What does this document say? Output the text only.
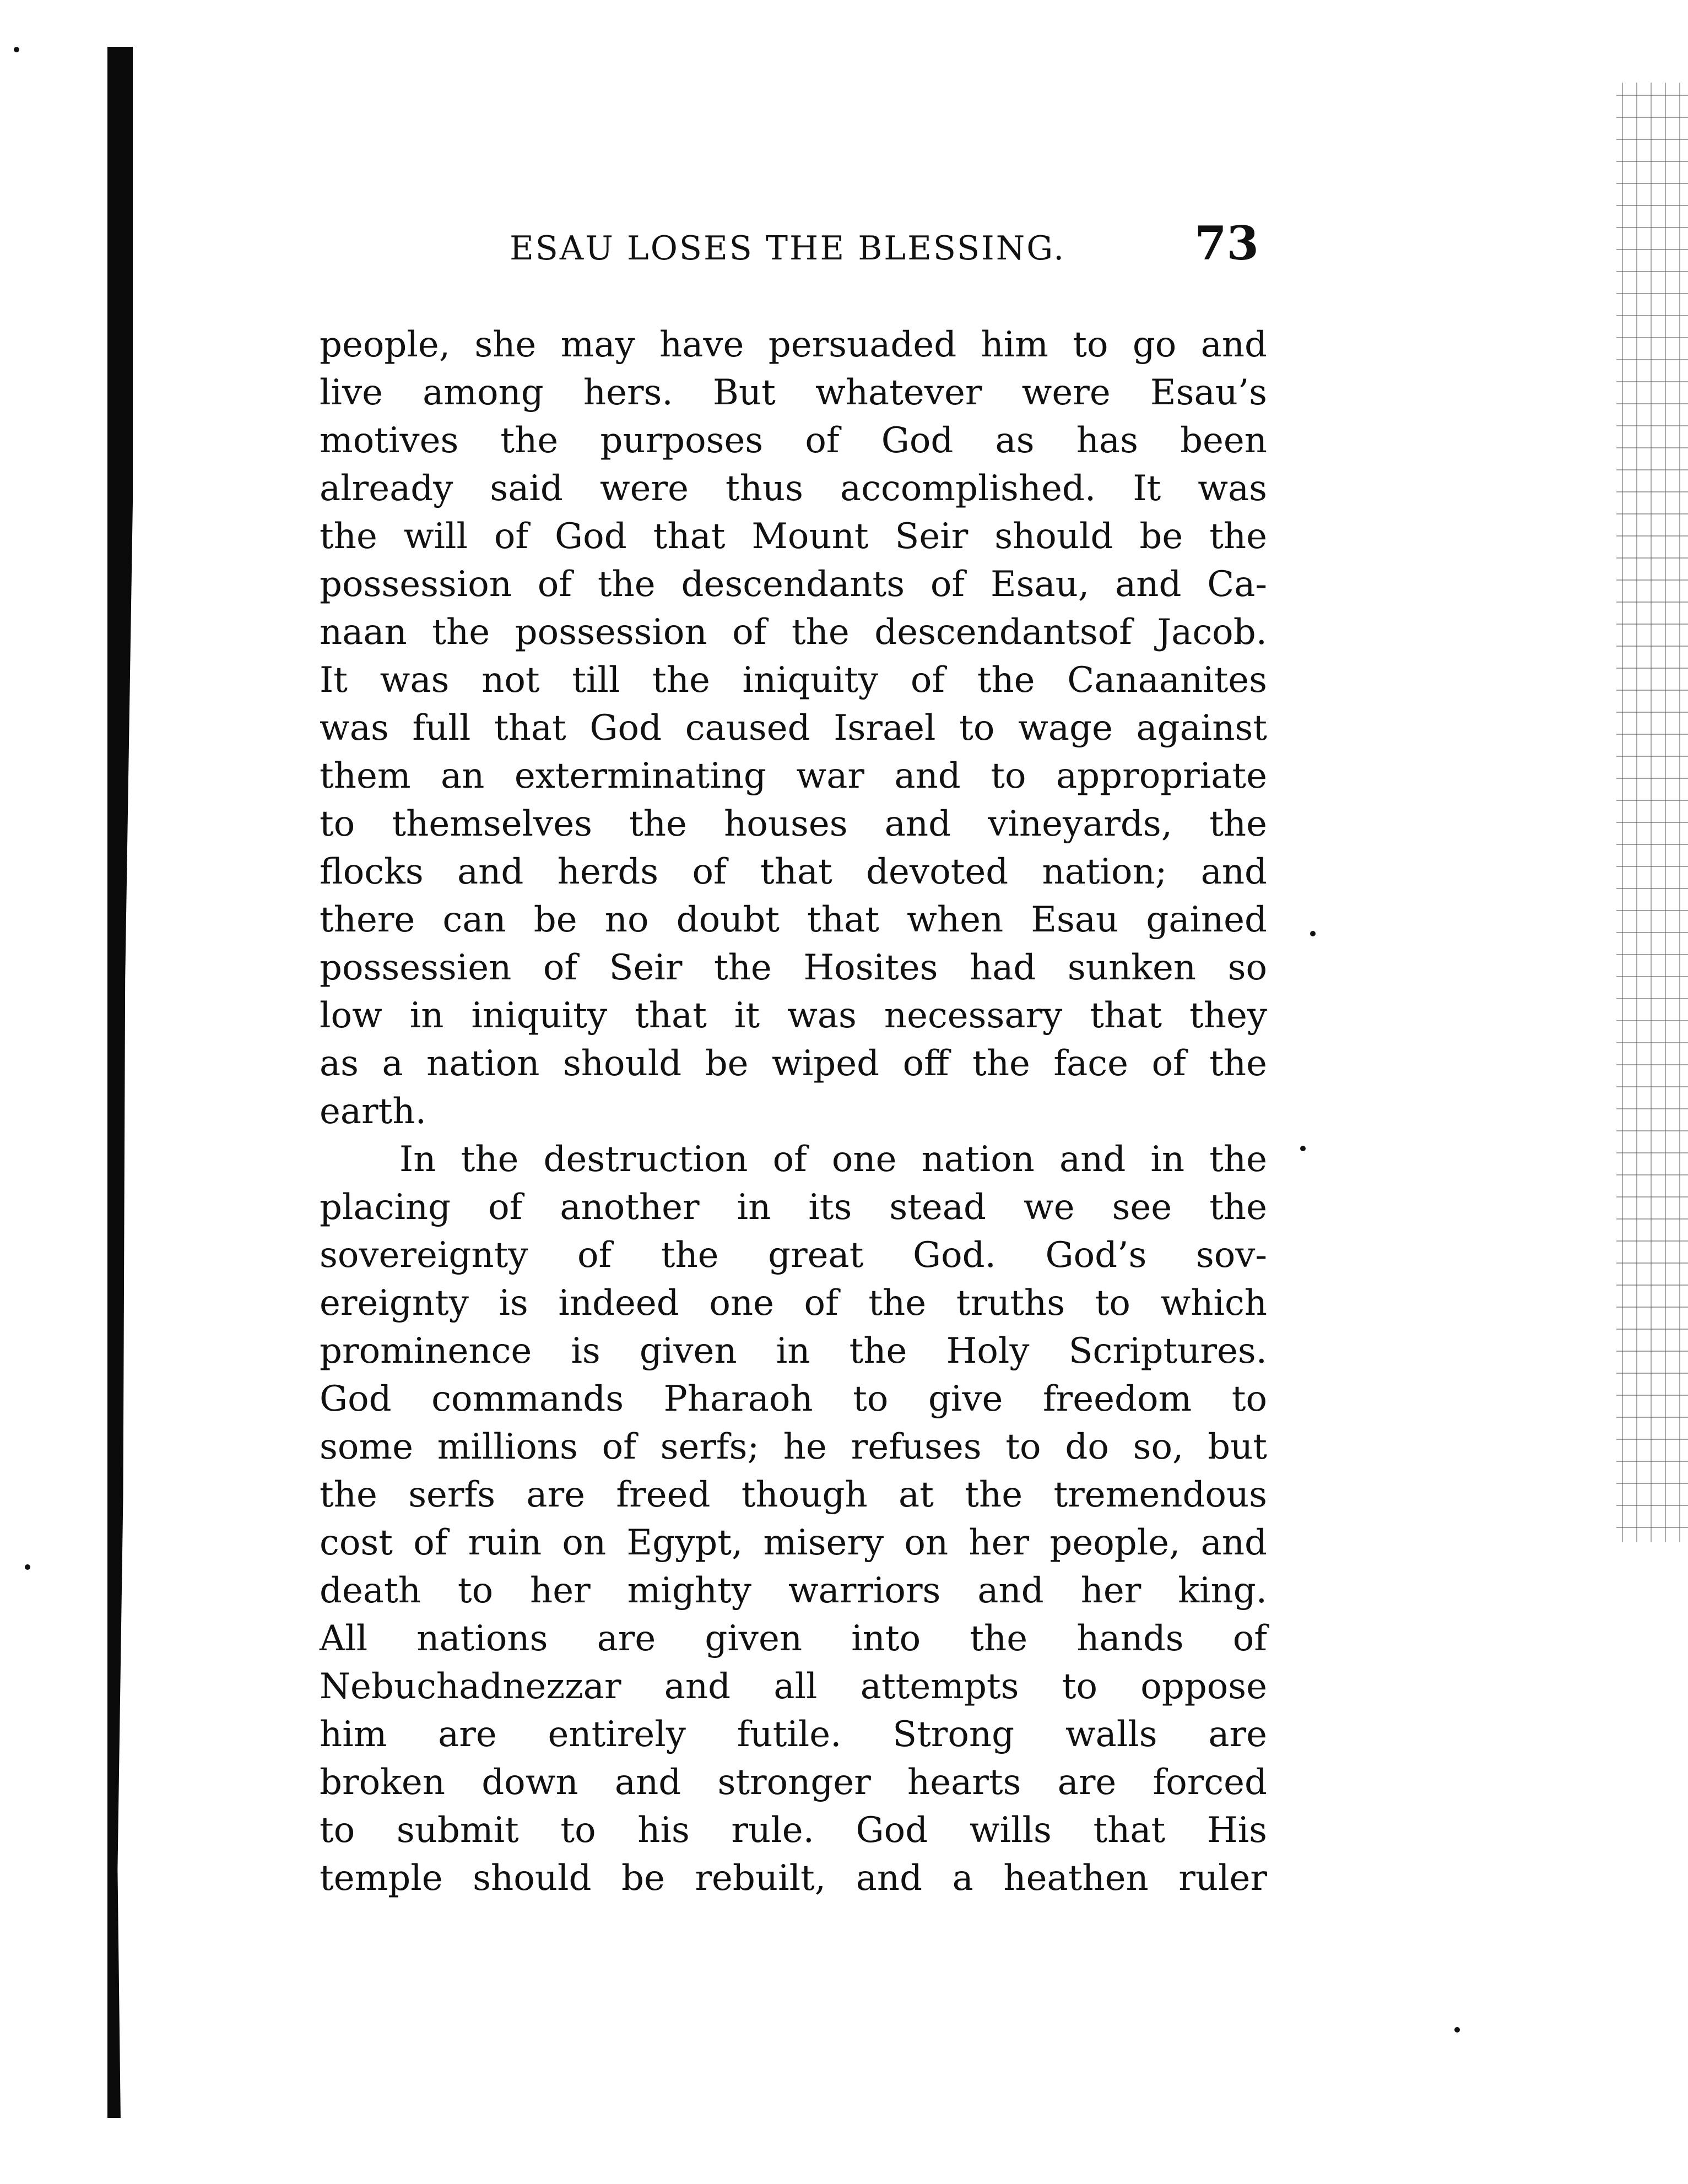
ESAU LOSES THE BLESSING.	73
people, she may have persuaded him to go and
live among hers. But whatever were Esau’s
motives the purposes of God as has been
already said were thus accomplished. It was
the will of God that Mount Seir should be the
possession of the descendants of Esau, and Ca-
naan the possession of the descendantsof Jacob.
It was not till the iniquity of the Canaanites
was full that God caused Israel to wage against
them an exterminating war and to appropriate
to themselves the houses and vineyards, the
flocks and herds of that devoted nation; and
there can be no doubt that when Esau gained
possessien of Seir the Hosites had sunken so
low in iniquity that it was necessary that they
as a nation should be wiped off the face of the
earth.
In the destruction of one nation and in the
placing of another in its stead we see the
sovereignty of the great God. God’s sov-
ereignty is indeed one of the truths to which
prominence is given in the Holy Scriptures.
God commands Pharaoh to give freedom to
some millions of serfs; he refuses to do so, but
the serfs are freed though at the tremendous
cost of ruin on Egypt, misery on her people, and
death to her mighty warriors and her king.
All nations are given into the hands of
Nebuchadnezzar and all attempts to oppose
him are entirely futile. Strong walls are
broken down and stronger hearts are forced
to submit to his rule. God wills that His
temple should be rebuilt, and a heathen ruler
